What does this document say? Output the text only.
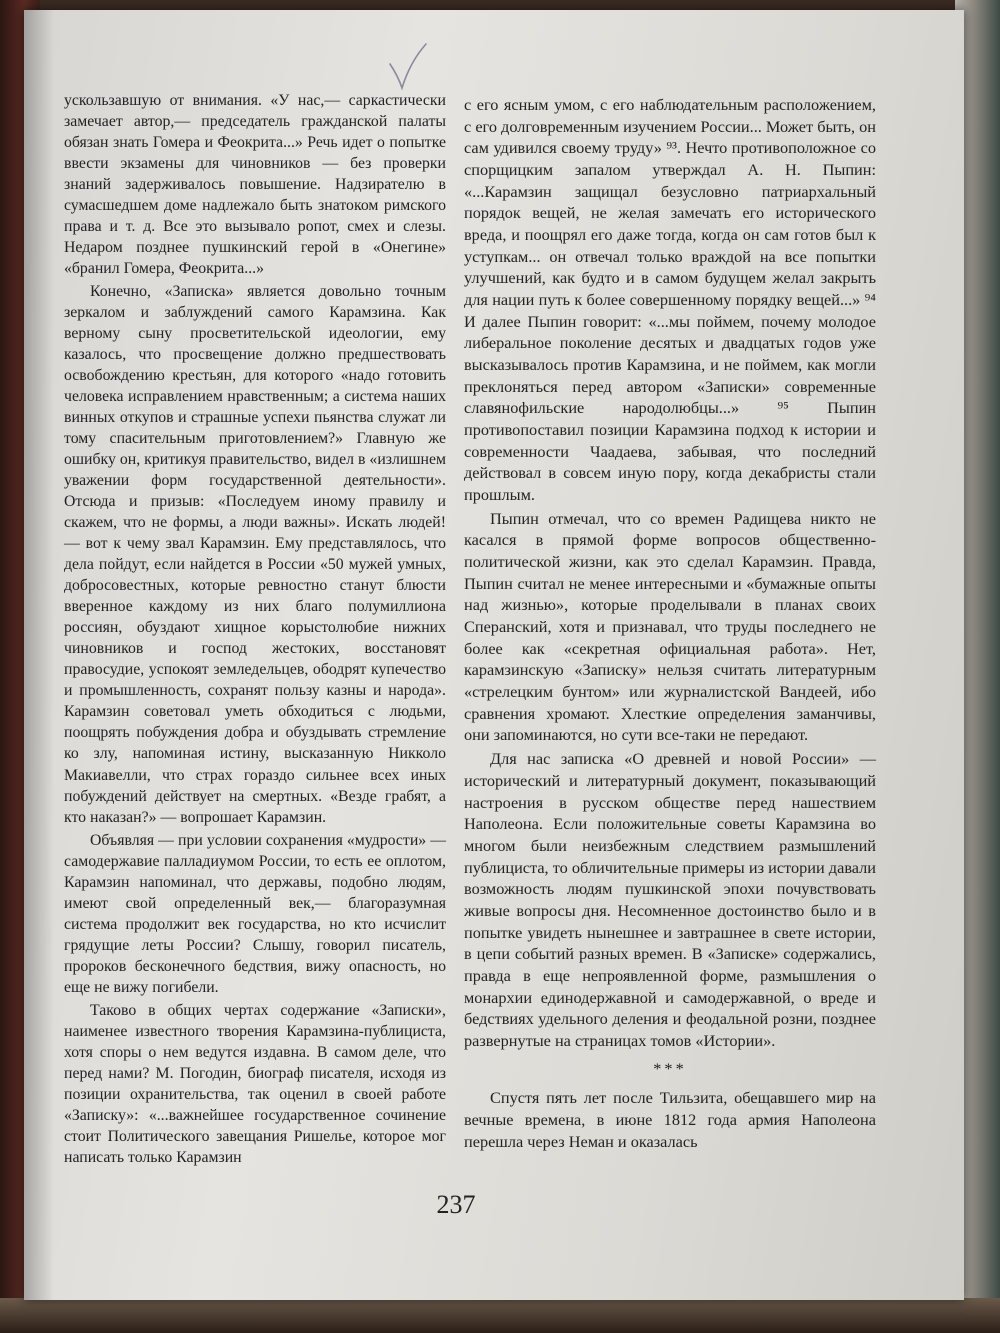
ускользавшую от внимания. «У нас,— саркастически замечает автор,— председатель гражданской палаты обязан знать Гомера и Феокрита...» Речь идет о попытке ввести экзамены для чиновников — без проверки знаний задерживалось повышение. Надзирателю в сумасшедшем доме надлежало быть знатоком римского права и т. д. Все это вызывало ропот, смех и слезы. Недаром позднее пушкинский герой в «Онегине» «бранил Гомера, Феокрита...»

Конечно, «Записка» является довольно точным зеркалом и заблуждений самого Карамзина. Как верному сыну просветительской идеологии, ему казалось, что просвещение должно предшествовать освобождению крестьян, для которого «надо готовить человека исправлением нравственным; а система наших винных откупов и страшные успехи пьянства служат ли тому спасительным приготовлением?» Главную же ошибку он, критикуя правительство, видел в «излишнем уважении форм государственной деятельности». Отсюда и призыв: «Последуем иному правилу и скажем, что не формы, а люди важны». Искать людей! — вот к чему звал Карамзин. Ему представлялось, что дела пойдут, если найдется в России «50 мужей умных, добросовестных, которые ревностно станут блюсти вверенное каждому из них благо полумиллиона россиян, обуздают хищное корыстолюбие нижних чиновников и господ жестоких, восстановят правосудие, успокоят земледельцев, ободрят купечество и промышленность, сохранят пользу казны и народа». Карамзин советовал уметь обходиться с людьми, поощрять побуждения добра и обуздывать стремление ко злу, напоминая истину, высказанную Никколо Макиавелли, что страх гораздо сильнее всех иных побуждений действует на смертных. «Везде грабят, а кто наказан?» — вопрошает Карамзин.

Объявляя — при условии сохранения «мудрости» — самодержавие палладиумом России, то есть ее оплотом, Карамзин напоминал, что державы, подобно людям, имеют свой определенный век,— благоразумная система продолжит век государства, но кто исчислит грядущие леты России? Слышу, говорил писатель, пророков бесконечного бедствия, вижу опасность, но еще не вижу погибели.

Таково в общих чертах содержание «Записки», наименее известного творения Карамзина-публициста, хотя споры о нем ведутся издавна. В самом деле, что перед нами? М. Погодин, биограф писателя, исходя из позиции охранительства, так оценил в своей работе «Записку»: «...важнейшее государственное сочинение стоит Политического завещания Ришелье, которое мог написать только Карамзин

с его ясным умом, с его наблюдательным расположением, с его долговременным изучением России... Может быть, он сам удивился своему труду» ⁹³. Нечто противоположное со спорщицким запалом утверждал А. Н. Пыпин: «...Карамзин защищал безусловно патриархальный порядок вещей, не желая замечать его исторического вреда, и поощрял его даже тогда, когда он сам готов был к уступкам... он отвечал только враждой на все попытки улучшений, как будто и в самом будущем желал закрыть для нации путь к более совершенному порядку вещей...» ⁹⁴ И далее Пыпин говорит: «...мы поймем, почему молодое либеральное поколение десятых и двадцатых годов уже высказывалось против Карамзина, и не поймем, как могли преклоняться перед автором «Записки» современные славянофильские народолюбцы...» ⁹⁵ Пыпин противопоставил позиции Карамзина подход к истории и современности Чаадаева, забывая, что последний действовал в совсем иную пору, когда декабристы стали прошлым.

Пыпин отмечал, что со времен Радищева никто не касался в прямой форме вопросов общественно-политической жизни, как это сделал Карамзин. Правда, Пыпин считал не менее интересными и «бумажные опыты над жизнью», которые проделывали в планах своих Сперанский, хотя и признавал, что труды последнего не более как «секретная официальная работа». Нет, карамзинскую «Записку» нельзя считать литературным «стрелецким бунтом» или журналистской Вандеей, ибо сравнения хромают. Хлесткие определения заманчивы, они запоминаются, но сути все-таки не передают.

Для нас записка «О древней и новой России» — исторический и литературный документ, показывающий настроения в русском обществе перед нашествием Наполеона. Если положительные советы Карамзина во многом были неизбежным следствием размышлений публициста, то обличительные примеры из истории давали возможность людям пушкинской эпохи почувствовать живые вопросы дня. Несомненное достоинство было и в попытке увидеть нынешнее и завтрашнее в свете истории, в цепи событий разных времен. В «Записке» содержались, правда в еще непроявленной форме, размышления о монархии единодержавной и самодержавной, о вреде и бедствиях удельного деления и феодальной розни, позднее развернутые на страницах томов «Истории».

***

Спустя пять лет после Тильзита, обещавшего мир на вечные времена, в июне 1812 года армия Наполеона перешла через Неман и оказалась

237
